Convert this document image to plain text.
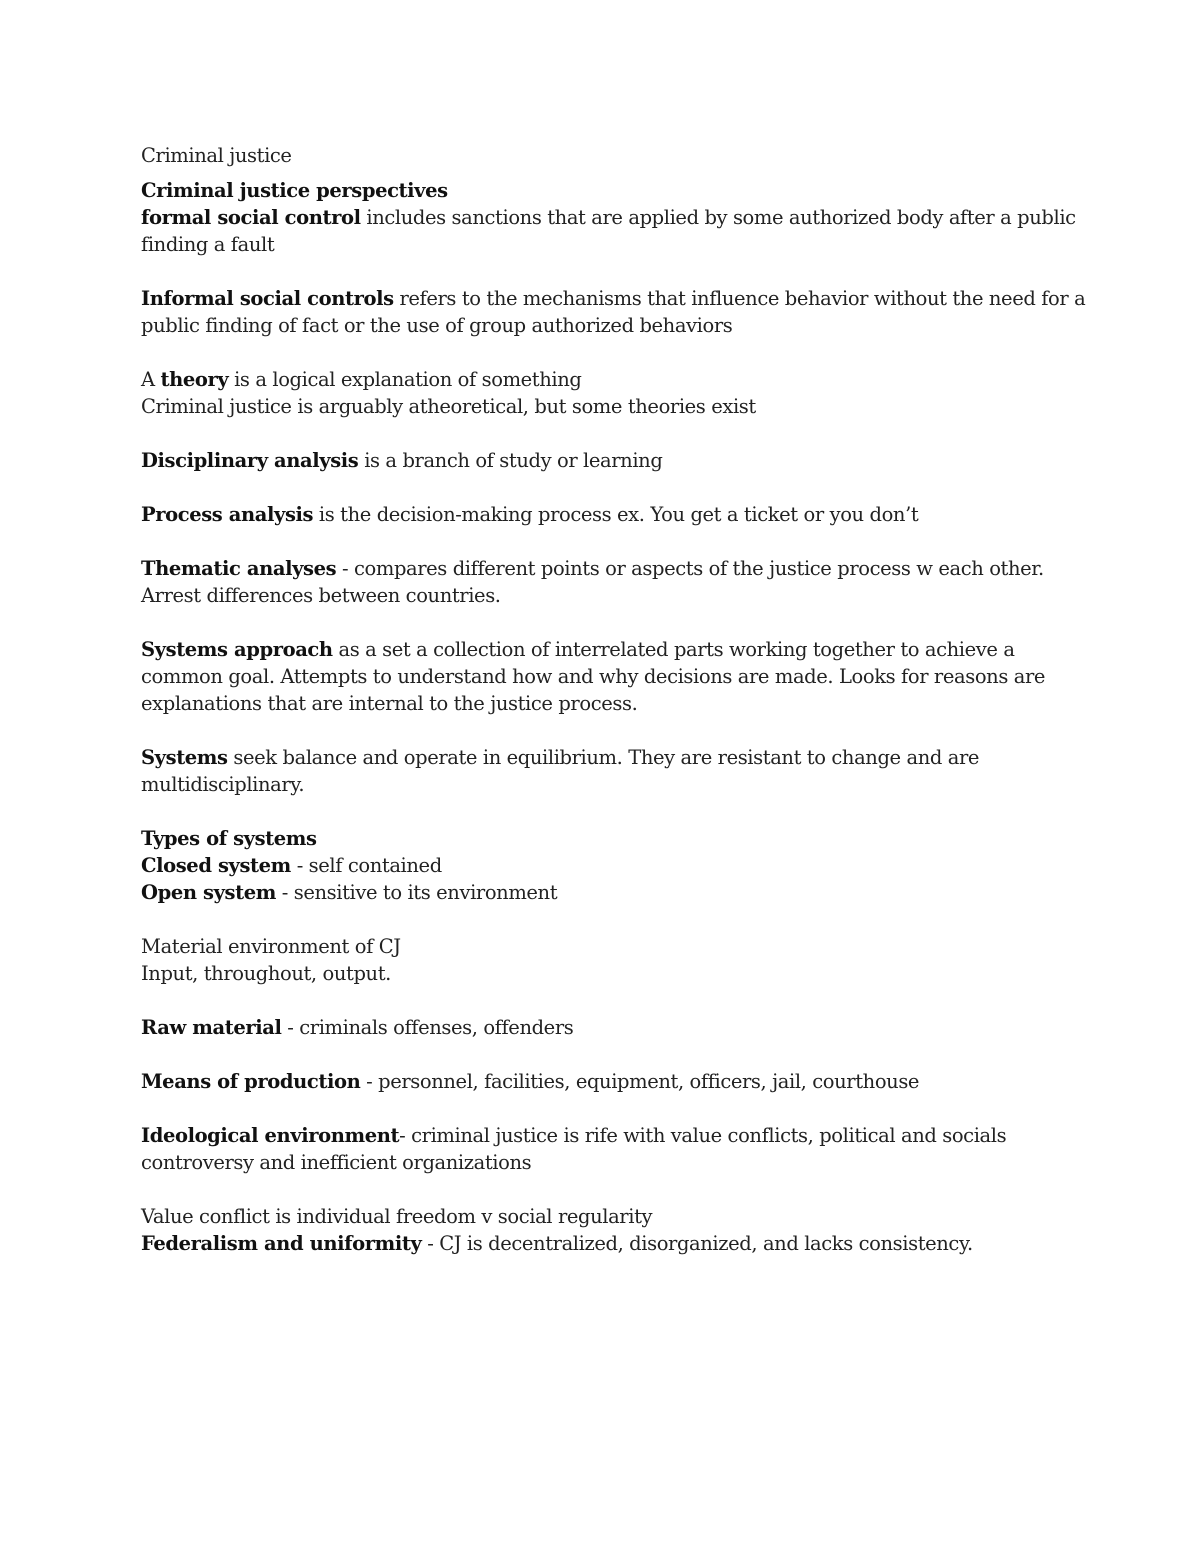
Criminal justice
Criminal justice perspectives
formal social control includes sanctions that are applied by some authorized body after a public
finding a fault
Informal social controls refers to the mechanisms that influence behavior without the need for a
public finding of fact or the use of group authorized behaviors
A theory is a logical explanation of something
Criminal justice is arguably atheoretical, but some theories exist
Disciplinary analysis is a branch of study or learning
Process analysis is the decision-making process ex. You get a ticket or you don’t
Thematic analyses - compares different points or aspects of the justice process w each other.
Arrest differences between countries.
Systems approach as a set a collection of interrelated parts working together to achieve a
common goal. Attempts to understand how and why decisions are made. Looks for reasons are
explanations that are internal to the justice process.
Systems seek balance and operate in equilibrium. They are resistant to change and are
multidisciplinary.
Types of systems
Closed system - self contained
Open system - sensitive to its environment
Material environment of CJ
Input, throughout, output.
Raw material - criminals offenses, offenders
Means of production - personnel, facilities, equipment, officers, jail, courthouse
Ideological environment- criminal justice is rife with value conflicts, political and socials
controversy and inefficient organizations
Value conflict is individual freedom v social regularity
Federalism and uniformity - CJ is decentralized, disorganized, and lacks consistency.
